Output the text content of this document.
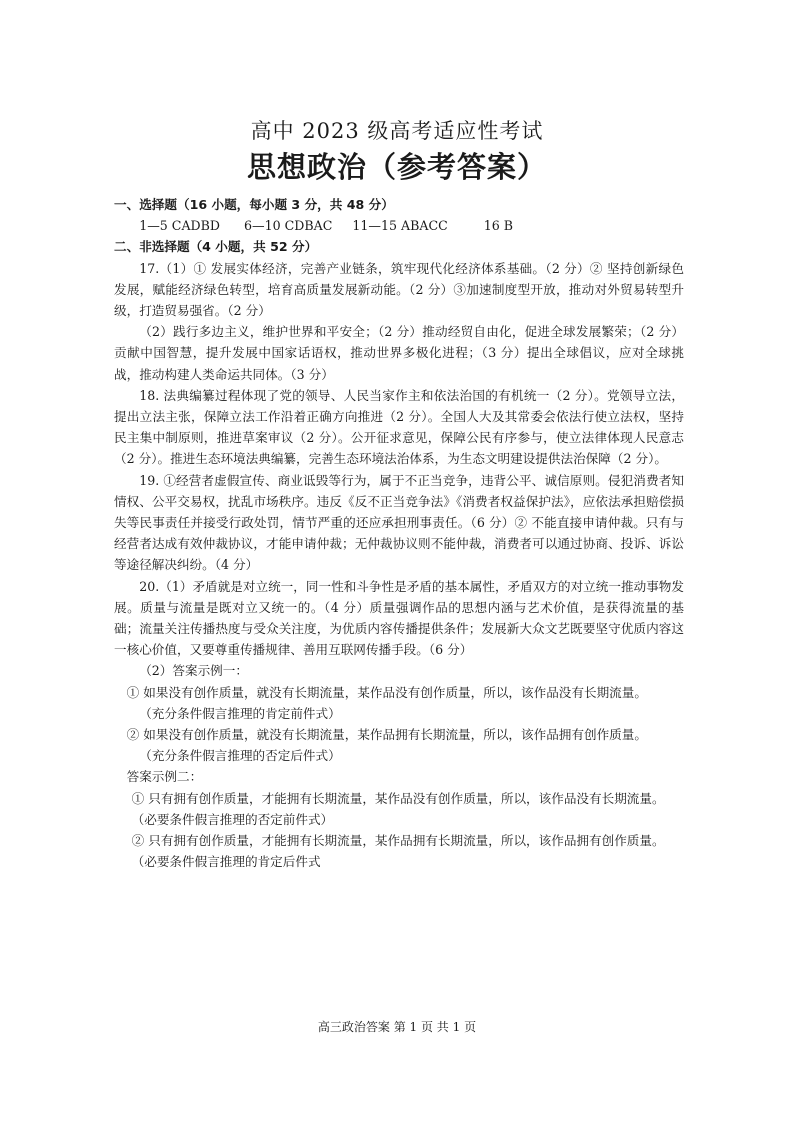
高中 2023 级高考适应性考试
思想政治（参考答案）

一、选择题（16 小题，每小题 3 分，共 48 分）

1—5 CADBD      6—10 CDBAC     11—15 ABACC         16 B

二、非选择题（4 小题，共 52 分）

17.（1）① 发展实体经济，完善产业链条，筑牢现代化经济体系基础。（2 分）② 坚持创新绿色发展，赋能经济绿色转型，培育高质量发展新动能。（2 分）③加速制度型开放，推动对外贸易转型升级，打造贸易强省。（2 分）

（2）践行多边主义，维护世界和平安全；（2 分）推动经贸自由化，促进全球发展繁荣；（2 分）贡献中国智慧，提升发展中国家话语权，推动世界多极化进程；（3 分）提出全球倡议，应对全球挑战，推动构建人类命运共同体。（3 分）

18. 法典编纂过程体现了党的领导、人民当家作主和依法治国的有机统一（2 分）。党领导立法，提出立法主张，保障立法工作沿着正确方向推进（2 分）。全国人大及其常委会依法行使立法权，坚持民主集中制原则，推进草案审议（2 分）。公开征求意见，保障公民有序参与，使立法律体现人民意志（2 分）。推进生态环境法典编纂，完善生态环境法治体系，为生态文明建设提供法治保障（2 分）。

19. ①经营者虚假宣传、商业诋毁等行为，属于不正当竞争，违背公平、诚信原则。侵犯消费者知情权、公平交易权，扰乱市场秩序。违反《反不正当竞争法》《消费者权益保护法》，应依法承担赔偿损失等民事责任并接受行政处罚，情节严重的还应承担刑事责任。（6 分）② 不能直接申请仲裁。只有与经营者达成有效仲裁协议，才能申请仲裁；无仲裁协议则不能仲裁，消费者可以通过协商、投诉、诉讼等途径解决纠纷。（4 分）

20.（1）矛盾就是对立统一，同一性和斗争性是矛盾的基本属性，矛盾双方的对立统一推动事物发展。质量与流量是既对立又统一的。（4 分）质量强调作品的思想内涵与艺术价值，是获得流量的基础；流量关注传播热度与受众关注度，为优质内容传播提供条件；发展新大众文艺既要坚守优质内容这一核心价值，又要尊重传播规律、善用互联网传播手段。（6 分）

（2）答案示例一：

① 如果没有创作质量，就没有长期流量，某作品没有创作质量，所以，该作品没有长期流量。

（充分条件假言推理的肯定前件式）

② 如果没有创作质量，就没有长期流量，某作品拥有长期流量，所以，该作品拥有创作质量。

（充分条件假言推理的否定后件式）

答案示例二：

① 只有拥有创作质量，才能拥有长期流量，某作品没有创作质量，所以，该作品没有长期流量。

（必要条件假言推理的否定前件式）

② 只有拥有创作质量，才能拥有长期流量，某作品拥有长期流量，所以，该作品拥有创作质量。

（必要条件假言推理的肯定后件式

高三政治答案 第 1 页 共 1 页
